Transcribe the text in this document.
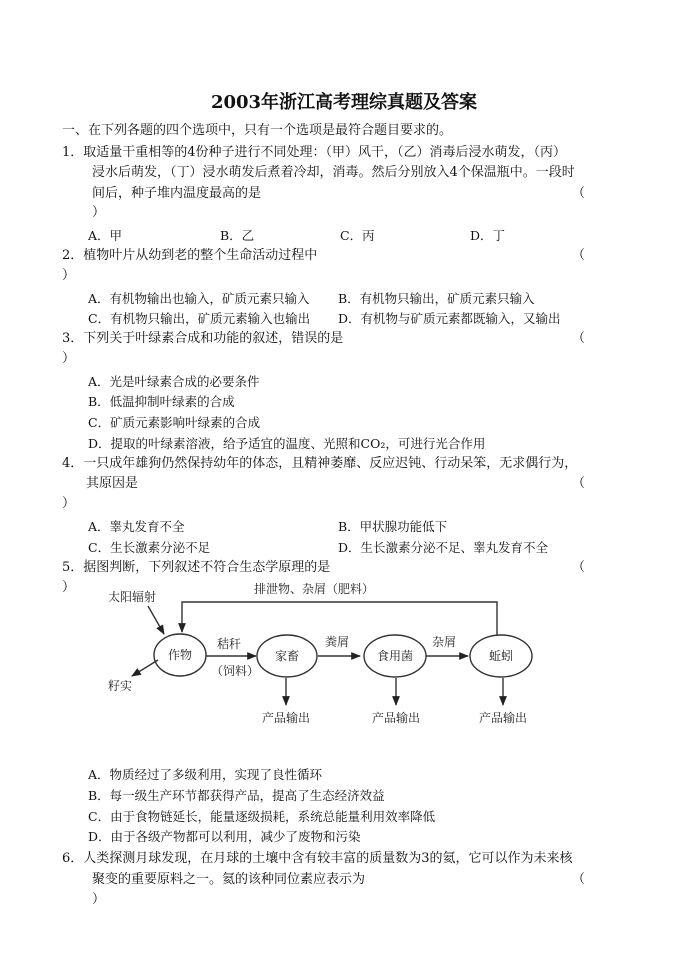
2003年浙江高考理综真题及答案
一、在下列各题的四个选项中，只有一个选项是最符合题目要求的。
1．取适量干重相等的4份种子进行不同处理：（甲）风干，（乙）消毒后浸水萌发，（丙）
浸水后萌发，（丁）浸水萌发后煮着冷却，消毒。然后分别放入4个保温瓶中。一段时
间后，种子堆内温度最高的是	（
）
A．甲	B．乙	C．丙	D．丁
2．植物叶片从幼到老的整个生命活动过程中	（
）
A．有机物输出也输入，矿质元素只输入 B．有机物只输出，矿质元素只输入
C．有机物只输出，矿质元素输入也输出 D．有机物与矿质元素都既输入，又输出
3．下列关于叶绿素合成和功能的叙述，错误的是	（
）
A．光是叶绿素合成的必要条件
B．低温抑制叶绿素的合成
C．矿质元素影响叶绿素的合成
D．提取的叶绿素溶液，给予适宜的温度、光照和CO₂，可进行光合作用
4．一只成年雄狗仍然保持幼年的体态，且精神萎靡、反应迟钝、行动呆笨，无求偶行为，
其原因是	（
）
A．睾丸发育不全	B．甲状腺功能低下
C．生长激素分泌不足	D．生长激素分泌不足、睾丸发育不全
5．据图判断，下列叙述不符合生态学原理的是	（
）	排泄物、杂屑（肥料）
太阳辐射
籽实
秸秆
（饲料）
粪屑	杂屑
作物	家畜	食用菌	蚯蚓
产品输出	产品输出	产品输出
A．物质经过了多级利用，实现了良性循环
B．每一级生产环节都获得产品，提高了生态经济效益
C．由于食物链延长，能量逐级损耗，系统总能量利用效率降低
D．由于各级产物都可以利用，减少了废物和污染
6．人类探测月球发现，在月球的土壤中含有较丰富的质量数为3的氦，它可以作为未来核
聚变的重要原料之一。氦的该种同位素应表示为	（
）
